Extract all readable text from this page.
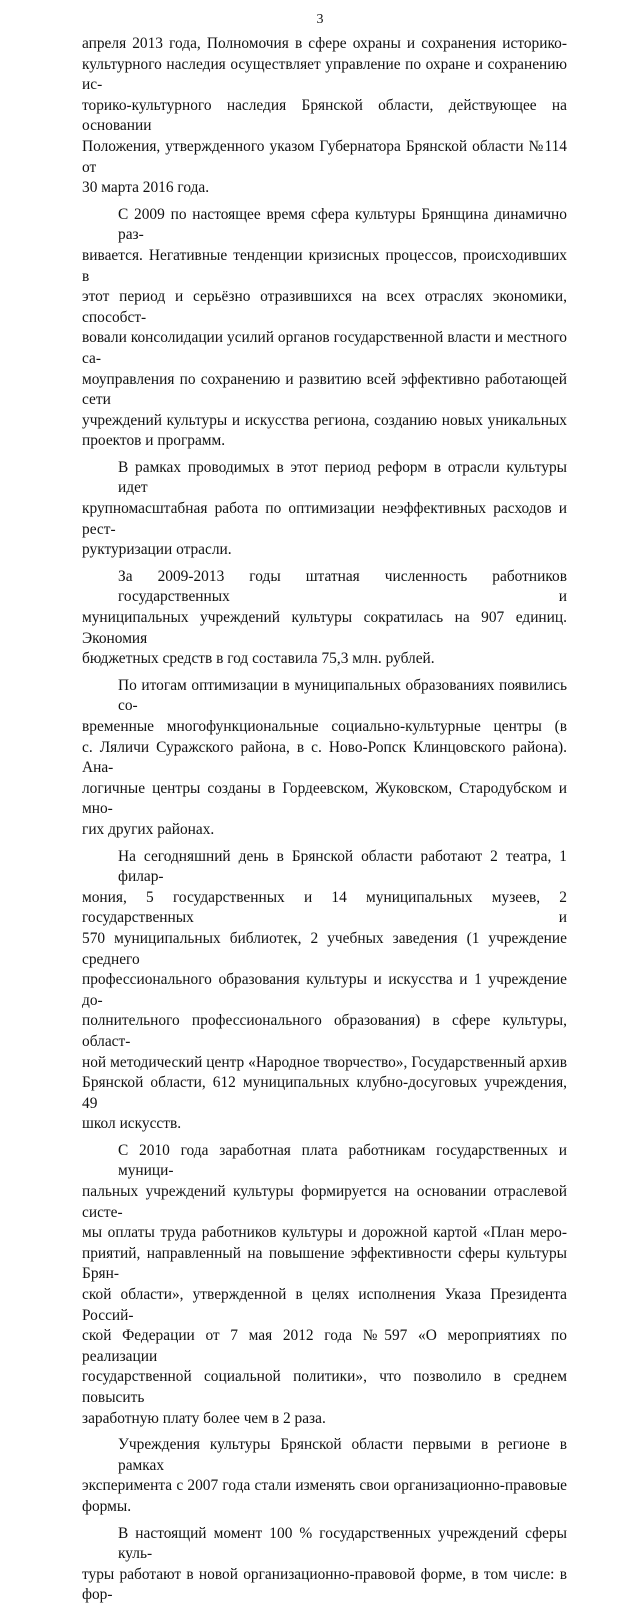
3
апреля 2013 года, Полномочия в сфере охраны и сохранения историко-
культурного наследия осуществляет управление по охране и сохранению ис-
торико-культурного наследия Брянской области, действующее на основании
Положения, утвержденного указом Губернатора Брянской области №114 от
30 марта 2016 года.
С 2009 по настоящее время сфера культуры Брянщина динамично раз-
вивается. Негативные тенденции кризисных процессов, происходивших в
этот период и серьёзно отразившихся на всех отраслях экономики, способст-
вовали консолидации усилий органов государственной власти и местного са-
моуправления по сохранению и развитию всей эффективно работающей сети
учреждений культуры и искусства региона, созданию новых уникальных
проектов и программ.
В рамках проводимых в этот период реформ в отрасли культуры идет
крупномасштабная работа по оптимизации неэффективных расходов и рест-
руктуризации отрасли.
За 2009-2013 годы штатная численность работников государственных и
муниципальных учреждений культуры сократилась на 907 единиц. Экономия
бюджетных средств в год составила 75,3 млн. рублей.
По итогам оптимизации в муниципальных образованиях появились со-
временные многофункциональные социально-культурные центры (в
с. Ляличи Суражского района, в с. Ново-Ропск Клинцовского района). Ана-
логичные центры созданы в Гордеевском, Жуковском, Стародубском и мно-
гих других районах.
На сегодняшний день в Брянской области работают 2 театра, 1 филар-
мония, 5 государственных и 14 муниципальных музеев, 2 государственных и
570 муниципальных библиотек, 2 учебных заведения (1 учреждение среднего
профессионального образования культуры и искусства и 1 учреждение до-
полнительного профессионального образования) в сфере культуры, област-
ной методический центр «Народное творчество», Государственный архив
Брянской области, 612 муниципальных клубно-досуговых учреждения, 49
школ искусств.
С 2010 года заработная плата работникам государственных и муници-
пальных учреждений культуры формируется на основании отраслевой систе-
мы оплаты труда работников культуры и дорожной картой «План меро-
приятий, направленный на повышение эффективности сферы культуры Брян-
ской области», утвержденной в целях исполнения Указа Президента Россий-
ской Федерации от 7 мая 2012 года №597 «О мероприятиях по реализации
государственной социальной политики», что позволило в среднем повысить
заработную плату более чем в 2 раза.
Учреждения культуры Брянской области первыми в регионе в рамках
эксперимента с 2007 года стали изменять свои организационно-правовые
формы.
В настоящий момент 100 % государственных учреждений сферы куль-
туры работают в новой организационно-правовой форме, в том числе: в фор-
